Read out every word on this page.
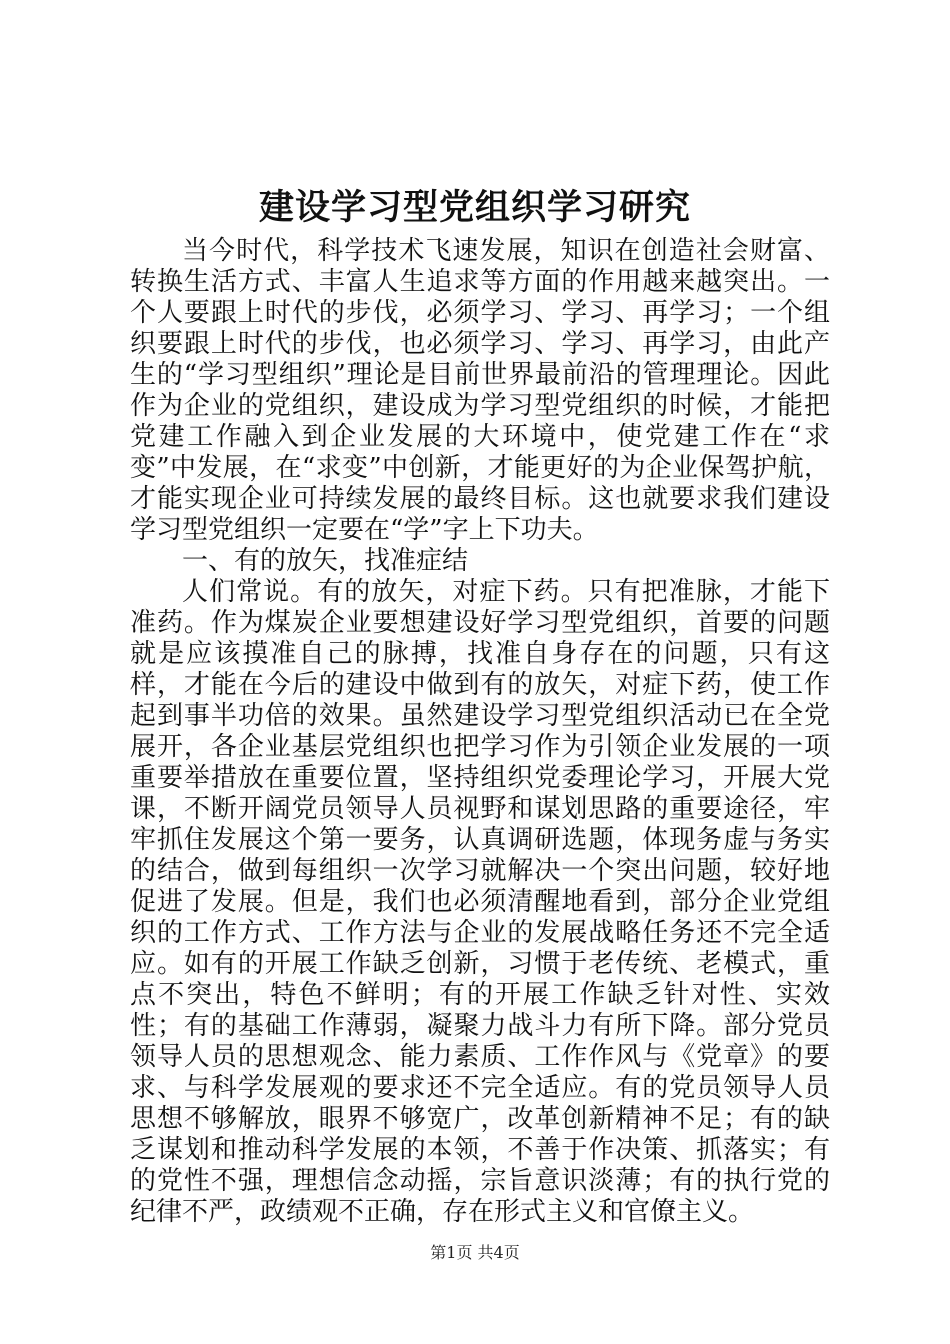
建设学习型党组织学习研究

当今时代，科学技术飞速发展，知识在创造社会财富、转换生活方式、丰富人生追求等方面的作用越来越突出。一个人要跟上时代的步伐，必须学习、学习、再学习；一个组织要跟上时代的步伐，也必须学习、学习、再学习，由此产生的“学习型组织”理论是目前世界最前沿的管理理论。因此作为企业的党组织，建设成为学习型党组织的时候，才能把党建工作融入到企业发展的大环境中，使党建工作在“求变”中发展，在“求变”中创新，才能更好的为企业保驾护航，才能实现企业可持续发展的最终目标。这也就要求我们建设学习型党组织一定要在“学”字上下功夫。

一、有的放矢，找准症结

人们常说。有的放矢，对症下药。只有把准脉，才能下准药。作为煤炭企业要想建设好学习型党组织，首要的问题就是应该摸准自己的脉搏，找准自身存在的问题，只有这样，才能在今后的建设中做到有的放矢，对症下药，使工作起到事半功倍的效果。虽然建设学习型党组织活动已在全党展开，各企业基层党组织也把学习作为引领企业发展的一项重要举措放在重要位置，坚持组织党委理论学习，开展大党课，不断开阔党员领导人员视野和谋划思路的重要途径，牢牢抓住发展这个第一要务，认真调研选题，体现务虚与务实的结合，做到每组织一次学习就解决一个突出问题，较好地促进了发展。但是，我们也必须清醒地看到，部分企业党组织的工作方式、工作方法与企业的发展战略任务还不完全适应。如有的开展工作缺乏创新，习惯于老传统、老模式，重点不突出，特色不鲜明；有的开展工作缺乏针对性、实效性；有的基础工作薄弱，凝聚力战斗力有所下降。部分党员领导人员的思想观念、能力素质、工作作风与《党章》的要求、与科学发展观的要求还不完全适应。有的党员领导人员思想不够解放，眼界不够宽广，改革创新精神不足；有的缺乏谋划和推动科学发展的本领，不善于作决策、抓落实；有的党性不强，理想信念动摇，宗旨意识淡薄；有的执行党的纪律不严，政绩观不正确，存在形式主义和官僚主义。

第1页 共4页
